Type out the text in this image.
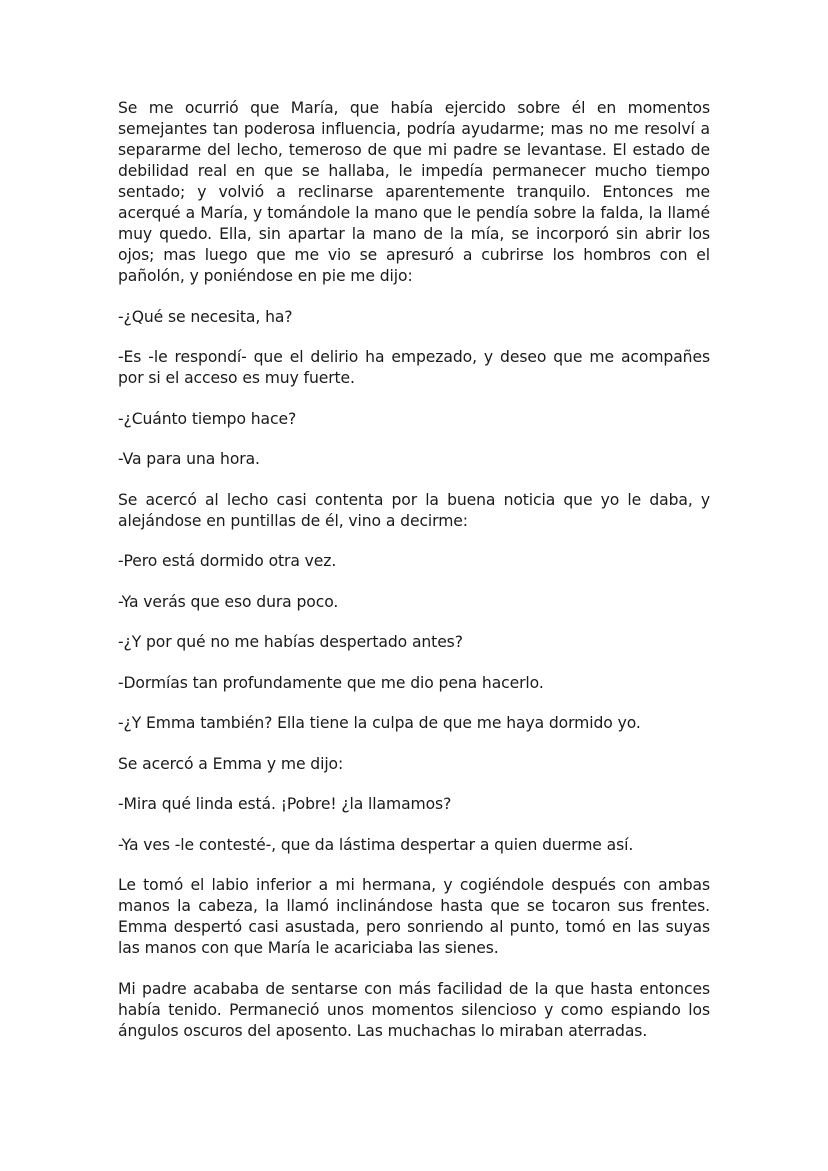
Se me ocurrió que María, que había ejercido sobre él en momentos semejantes tan poderosa influencia, podría ayudarme; mas no me resolví a separarme del lecho, temeroso de que mi padre se levantase. El estado de debilidad real en que se hallaba, le impedía permanecer mucho tiempo sentado; y volvió a reclinarse aparentemente tranquilo. Entonces me acerqué a María, y tomándole la mano que le pendía sobre la falda, la llamé muy quedo. Ella, sin apartar la mano de la mía, se incorporó sin abrir los ojos; mas luego que me vio se apresuró a cubrirse los hombros con el pañolón, y poniéndose en pie me dijo:

-¿Qué se necesita, ha?

-Es -le respondí- que el delirio ha empezado, y deseo que me acompañes por si el acceso es muy fuerte.

-¿Cuánto tiempo hace?

-Va para una hora.

Se acercó al lecho casi contenta por la buena noticia que yo le daba, y alejándose en puntillas de él, vino a decirme:

-Pero está dormido otra vez.

-Ya verás que eso dura poco.

-¿Y por qué no me habías despertado antes?

-Dormías tan profundamente que me dio pena hacerlo.

-¿Y Emma también? Ella tiene la culpa de que me haya dormido yo.

Se acercó a Emma y me dijo:

-Mira qué linda está. ¡Pobre! ¿la llamamos?

-Ya ves -le contesté-, que da lástima despertar a quien duerme así.

Le tomó el labio inferior a mi hermana, y cogiéndole después con ambas manos la cabeza, la llamó inclinándose hasta que se tocaron sus frentes. Emma despertó casi asustada, pero sonriendo al punto, tomó en las suyas las manos con que María le acariciaba las sienes.

Mi padre acababa de sentarse con más facilidad de la que hasta entonces había tenido. Permaneció unos momentos silencioso y como espiando los ángulos oscuros del aposento. Las muchachas lo miraban aterradas.
